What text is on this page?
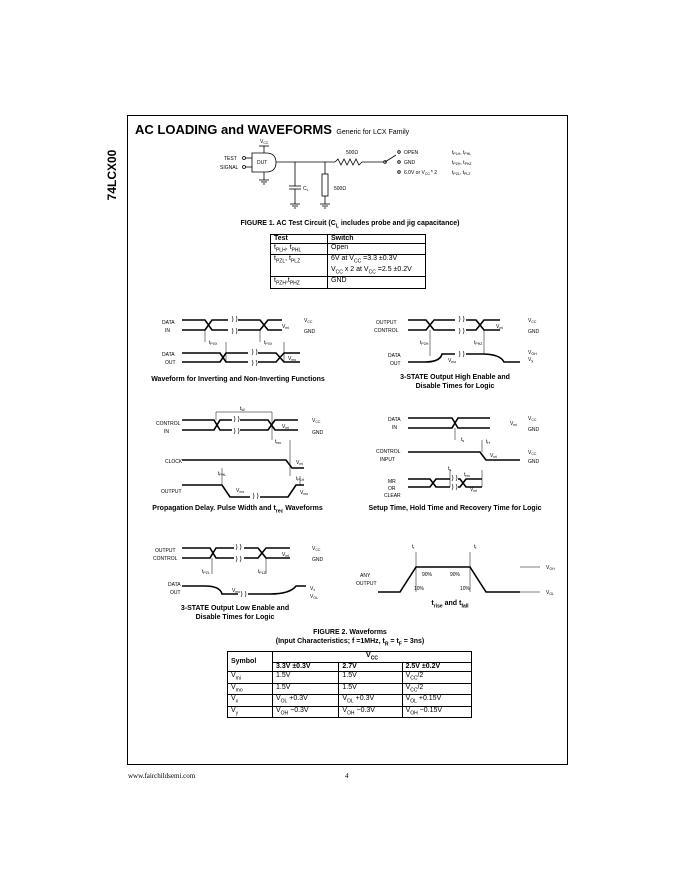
74LCX00
AC LOADING and WAVEFORMS Generic for LCX Family
$V_{CC}$
TEST
SIGNAL
DUT
500Ω
500Ω
$C_L$
OPEN
GND
6.0V or $V_{CC}*$ 2
$t_{PLH}$, $t_{PHL}$
$t_{PZH}$, $t_{PHZ}$
$t_{PZL}$, $t_{PLZ}$
FIGURE 1. AC Test Circuit ($C_L$ includes probe and jig capacitance)
Test	Switch
$t_{PLH}$, $t_{PHL}$	Open
$t_{PZL}$, $t_{PLZ}$	6V at $V_{CC} =3.3 \pm 0.3V$
$V_{CC}$ x 2 at $V_{CC} =2.5 \pm 0.2V$
$t_{PZH},t_{PHZ}$	GND
DATA
IN
DATA
OUT
$V_{CC}$
GND
$V_{mi}$
$V_{mo}$
$t_{PXX}$	$t_{PXX}$
OUTPUT
CONTROL
DATA
OUT
$V_{CC}$
GND
$V_{mi}$
$t_{PZH}$	$t_{PHZ}$
$V_{mo}$
$V_{OH}$
$V_y$
CONTROL
IN
CLOCK
OUTPUT
$V_{CC}$
GND
$V_{mi}$
$V_{mi}$
$t_W$
$t_{rec}$
$t_{PHL}$
$t_{PLH}$
$V_{mo}$	$V_{mo}$
DATA
IN
CONTROL
INPUT
MR
OR
CLEAR
$V_{CC}$
GND
$V_{CC}$
GND
$V_{mi}$
$V_{mi}$
$V_{mi}$
$t_s$	$t_H$
$t_s$
$t_{rec}$
OUTPUT
CONTROL
DATA
OUT
$V_{CC}$
GND
$V_{mi}$
$t_{PZL}$	$t_{PLZ}$
$V_{mo}$	$V_x$
$V_{OL}$
ANY
OUTPUT
$t_r$	$t_f$
90%	90%
10%	10%
$V_{OH}$
$V_{OL}$
Waveform for Inverting and Non-Inverting Functions	3-STATE Output High Enable and
Disable Times for Logic
Propagation Delay. Pulse Width and $t_{rec}$ Waveforms	Setup Time, Hold Time and Recovery Time for Logic
3-STATE Output Low Enable and
Disable Times for Logic
$t_{rise}$ and $t_{fall}$
FIGURE 2. Waveforms
(Input Characteristics; f =1MHz, $t_R = t_F = 3ns$)
Symbol	$V_{CC}$
	3.3V ±0.3V	2.7V	2.5V ±0.2V
$V_{mi}$	1.5V	1.5V	$V_{CC}/2$
$V_{mo}$	1.5V	1.5V	$V_{CC}/2$
$V_x$	$V_{OL} +0.3V$	$V_{OL} +0.3V$	$V_{OL} +0.15V$
$V_y$	$V_{OH} -0.3V$	$V_{OH} -0.3V$	$V_{OH} -0.15V$
www.fairchildsemi.com	4
